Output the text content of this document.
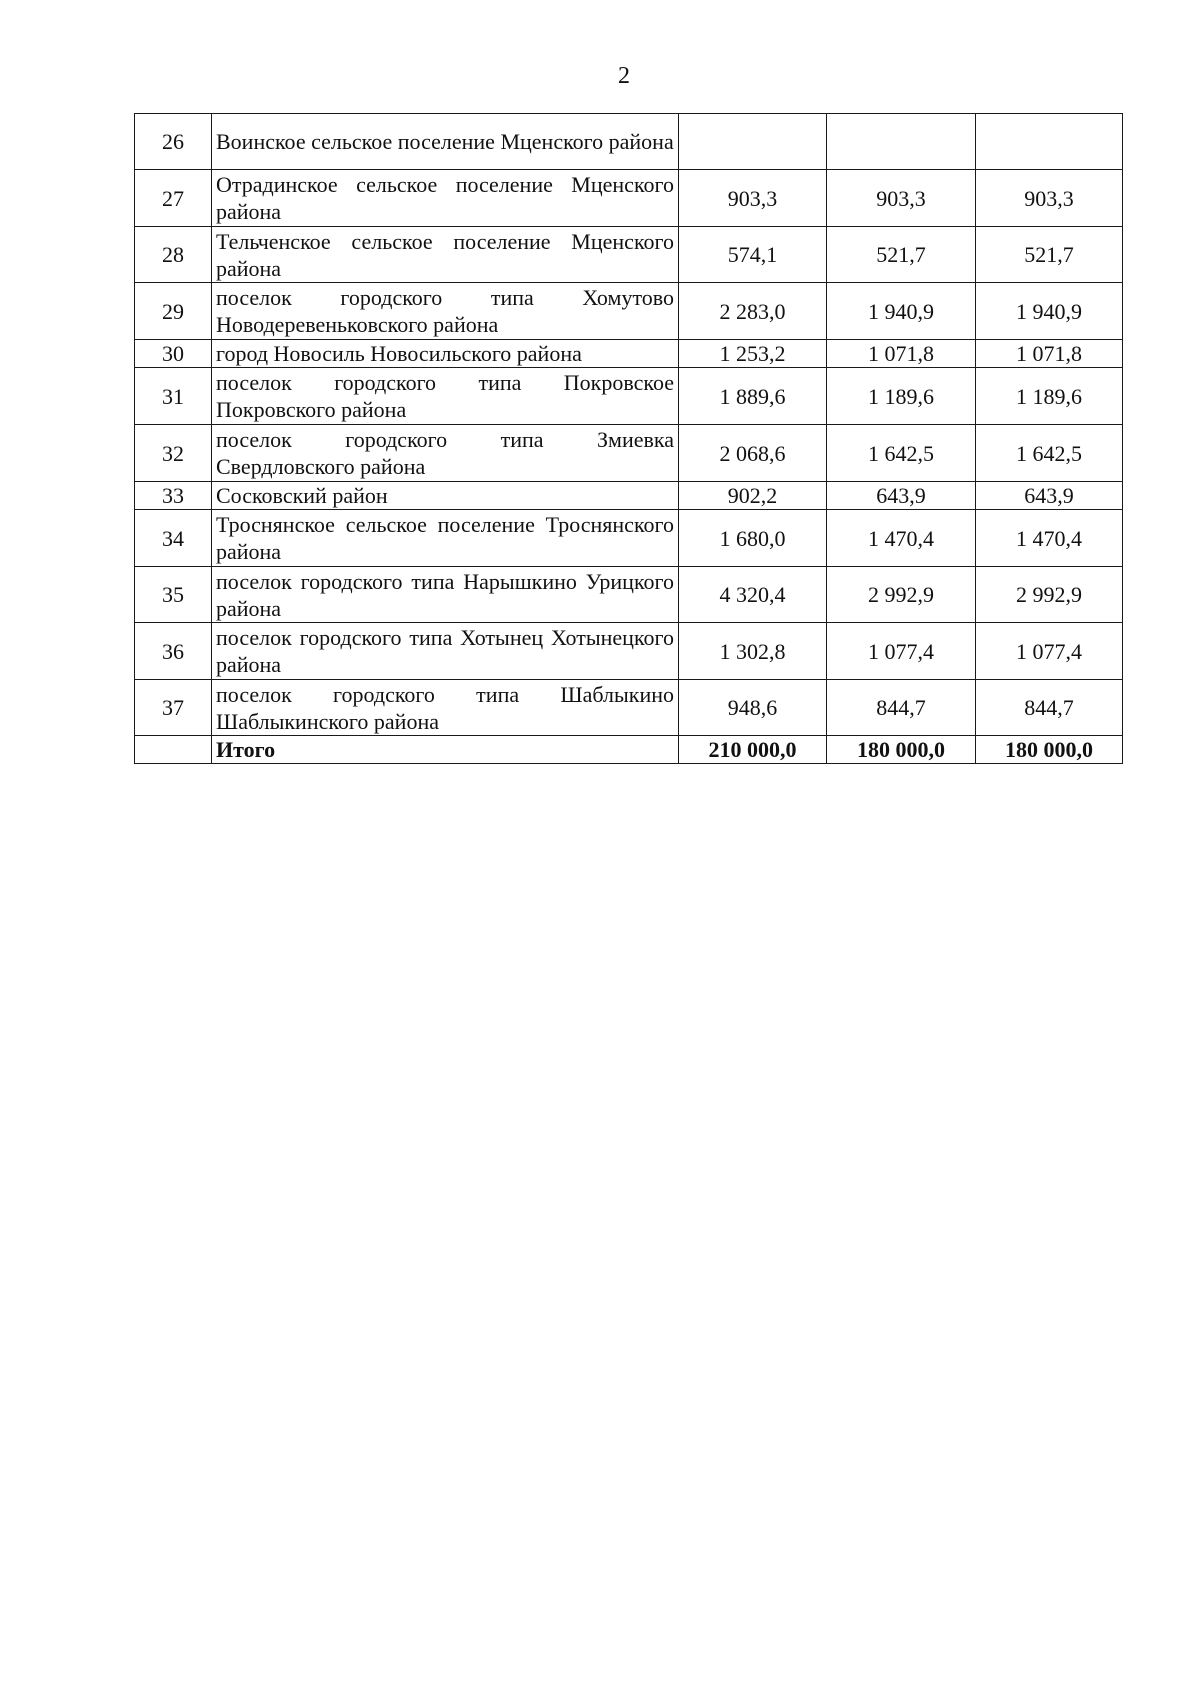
2
26	Воинское сельское поселение Мценского района			
27	Отрадинское сельское поселение Мценского района	903,3	903,3	903,3
28	Тельченское сельское поселение Мценского района	574,1	521,7	521,7
29	поселок городского типа Хомутово Новодеревеньковского района	2 283,0	1 940,9	1 940,9
30	город Новосиль Новосильского района	1 253,2	1 071,8	1 071,8
31	поселок городского типа Покровское Покровского района	1 889,6	1 189,6	1 189,6
32	поселок городского типа Змиевка Свердловского района	2 068,6	1 642,5	1 642,5
33	Сосковский район	902,2	643,9	643,9
34	Троснянское сельское поселение Троснянского района	1 680,0	1 470,4	1 470,4
35	поселок городского типа Нарышкино Урицкого района	4 320,4	2 992,9	2 992,9
36	поселок городского типа Хотынец Хотынецкого района	1 302,8	1 077,4	1 077,4
37	поселок городского типа Шаблыкино Шаблыкинского района	948,6	844,7	844,7
	Итого	210 000,0	180 000,0	180 000,0
